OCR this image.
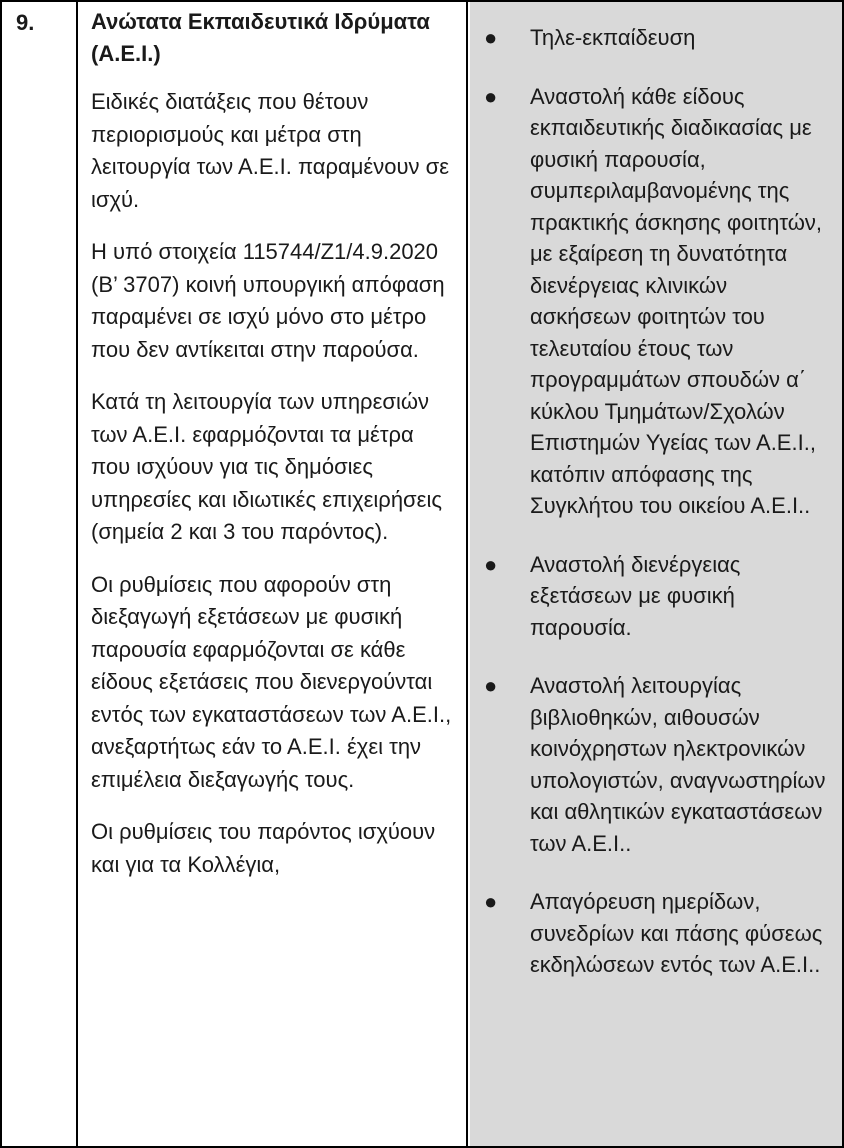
9.	Ανώτατα Εκπαιδευτικά Ιδρύματα (Α.Ε.Ι.)

Ειδικές διατάξεις που θέτουν περιορισμούς και μέτρα στη λειτουργία των Α.Ε.Ι. παραμένουν σε ισχύ.

Η υπό στοιχεία 115744/Ζ1/4.9.2020 (Β’ 3707) κοινή υπουργική απόφαση παραμένει σε ισχύ μόνο στο μέτρο που δεν αντίκειται στην παρούσα.

Κατά τη λειτουργία των υπηρεσιών των Α.Ε.Ι. εφαρμόζονται τα μέτρα που ισχύουν για τις δημόσιες υπηρεσίες και ιδιωτικές επιχειρήσεις (σημεία 2 και 3 του παρόντος).

Οι ρυθμίσεις που αφορούν στη διεξαγωγή εξετάσεων με φυσική παρουσία εφαρμόζονται σε κάθε είδους εξετάσεις που διενεργούνται εντός των εγκαταστάσεων των Α.Ε.Ι., ανεξαρτήτως εάν το Α.Ε.Ι. έχει την επιμέλεια διεξαγωγής τους.

Οι ρυθμίσεις του παρόντος ισχύουν και για τα Κολλέγια,

● Τηλε-εκπαίδευση
● Αναστολή κάθε είδους εκπαιδευτικής διαδικασίας με φυσική παρουσία, συμπεριλαμβανομένης της πρακτικής άσκησης φοιτητών, με εξαίρεση τη δυνατότητα διενέργειας κλινικών ασκήσεων φοιτητών του τελευταίου έτους των προγραμμάτων σπουδών α΄ κύκλου Τμημάτων/Σχολών Επιστημών Υγείας των Α.Ε.Ι., κατόπιν απόφασης της Συγκλήτου του οικείου Α.Ε.Ι..
● Αναστολή διενέργειας εξετάσεων με φυσική παρουσία.
● Αναστολή λειτουργίας βιβλιοθηκών, αιθουσών κοινόχρηστων ηλεκτρονικών υπολογιστών, αναγνωστηρίων και αθλητικών εγκαταστάσεων των Α.Ε.Ι..
● Απαγόρευση ημερίδων, συνεδρίων και πάσης φύσεως εκδηλώσεων εντός των Α.Ε.Ι..
